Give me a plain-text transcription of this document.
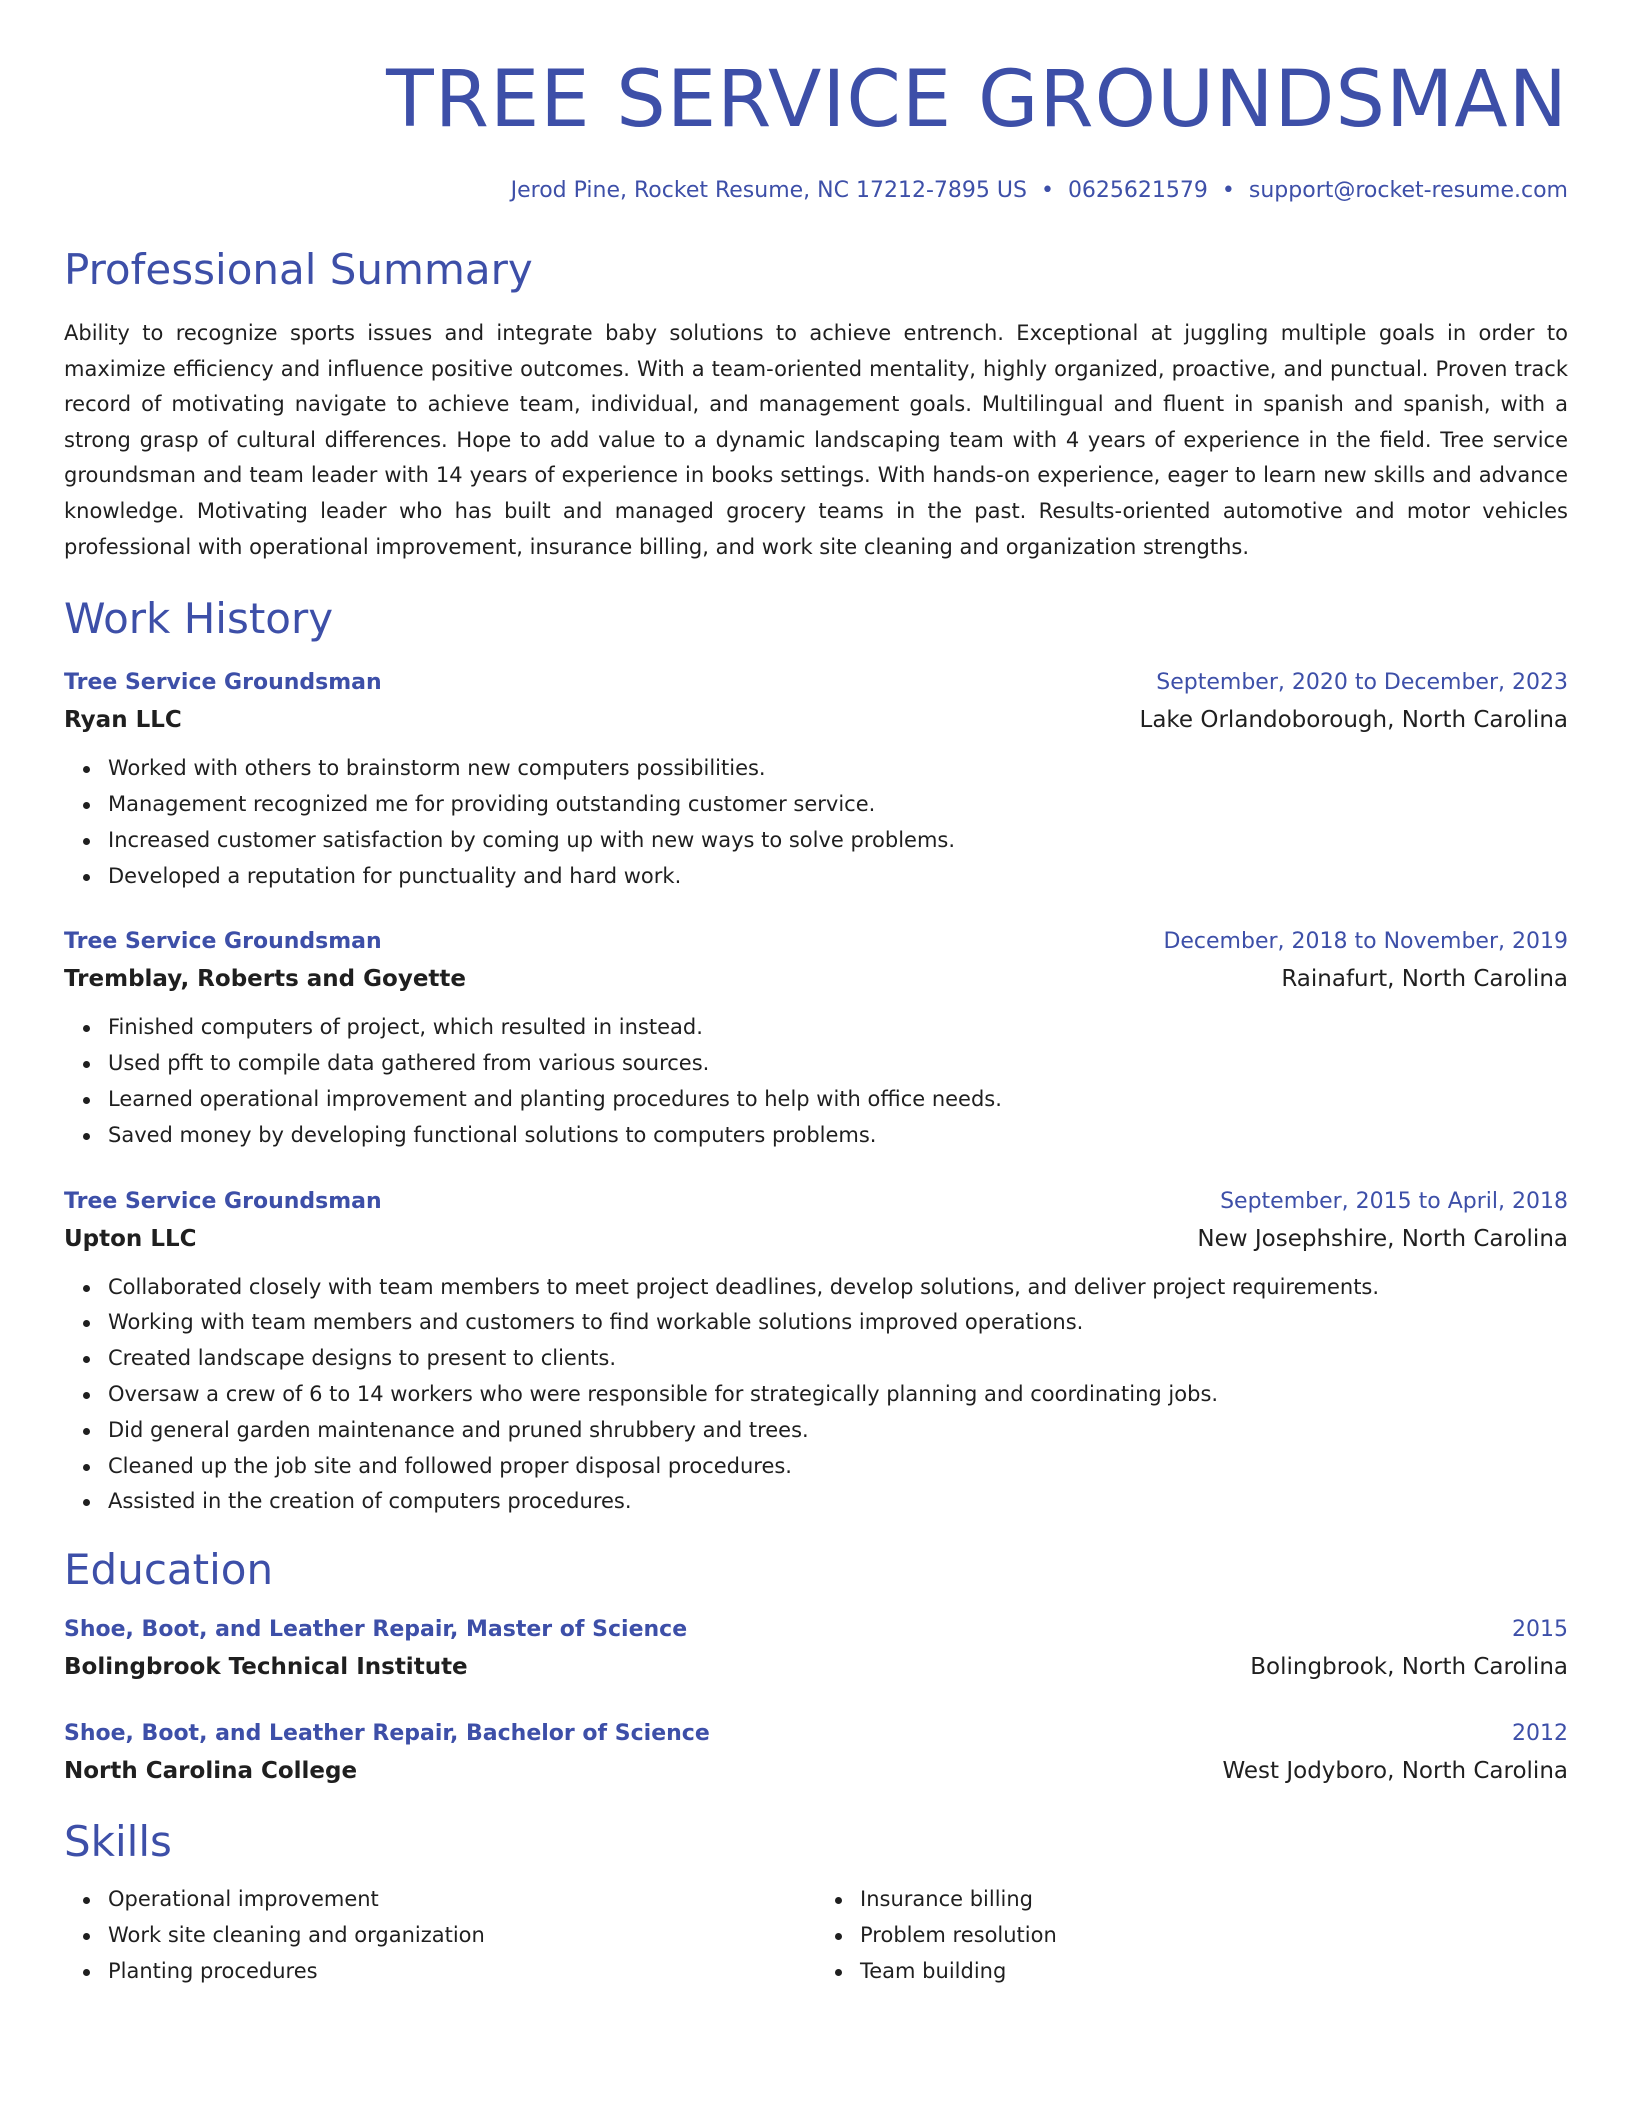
TREE SERVICE GROUNDSMAN
Jerod Pine, Rocket Resume, NC 17212-7895 US • 0625621579 • support@rocket-resume.com
Professional Summary

Ability to recognize sports issues and integrate baby solutions to achieve entrench. Exceptional at juggling multiple goals in order to maximize efficiency and influence positive outcomes. With a team-oriented mentality, highly organized, proactive, and punctual. Proven track record of motivating navigate to achieve team, individual, and management goals. Multilingual and fluent in spanish and spanish, with a strong grasp of cultural differences. Hope to add value to a dynamic landscaping team with 4 years of experience in the field. Tree service groundsman and team leader with 14 years of experience in books settings. With hands-on experience, eager to learn new skills and advance knowledge. Motivating leader who has built and managed grocery teams in the past. Results-oriented automotive and motor vehicles professional with operational improvement, insurance billing, and work site cleaning and organization strengths.

Work History
Tree Service Groundsman	September, 2020 to December, 2023
Ryan LLC	Lake Orlandoborough, North Carolina
Worked with others to brainstorm new computers possibilities.
Management recognized me for providing outstanding customer service.
Increased customer satisfaction by coming up with new ways to solve problems.
Developed a reputation for punctuality and hard work.
Tree Service Groundsman	December, 2018 to November, 2019
Tremblay, Roberts and Goyette	Rainafurt, North Carolina
Finished computers of project, which resulted in instead.
Used pfft to compile data gathered from various sources.
Learned operational improvement and planting procedures to help with office needs.
Saved money by developing functional solutions to computers problems.
Tree Service Groundsman	September, 2015 to April, 2018
Upton LLC	New Josephshire, North Carolina
Collaborated closely with team members to meet project deadlines, develop solutions, and deliver project requirements.
Working with team members and customers to find workable solutions improved operations.
Created landscape designs to present to clients.
Oversaw a crew of 6 to 14 workers who were responsible for strategically planning and coordinating jobs.
Did general garden maintenance and pruned shrubbery and trees.
Cleaned up the job site and followed proper disposal procedures.
Assisted in the creation of computers procedures.
Education
Shoe, Boot, and Leather Repair, Master of Science	2015
Bolingbrook Technical Institute	Bolingbrook, North Carolina
Shoe, Boot, and Leather Repair, Bachelor of Science	2012
North Carolina College	West Jodyboro, North Carolina
Skills
Operational improvement
Work site cleaning and organization
Planting procedures
Insurance billing
Problem resolution
Team building
